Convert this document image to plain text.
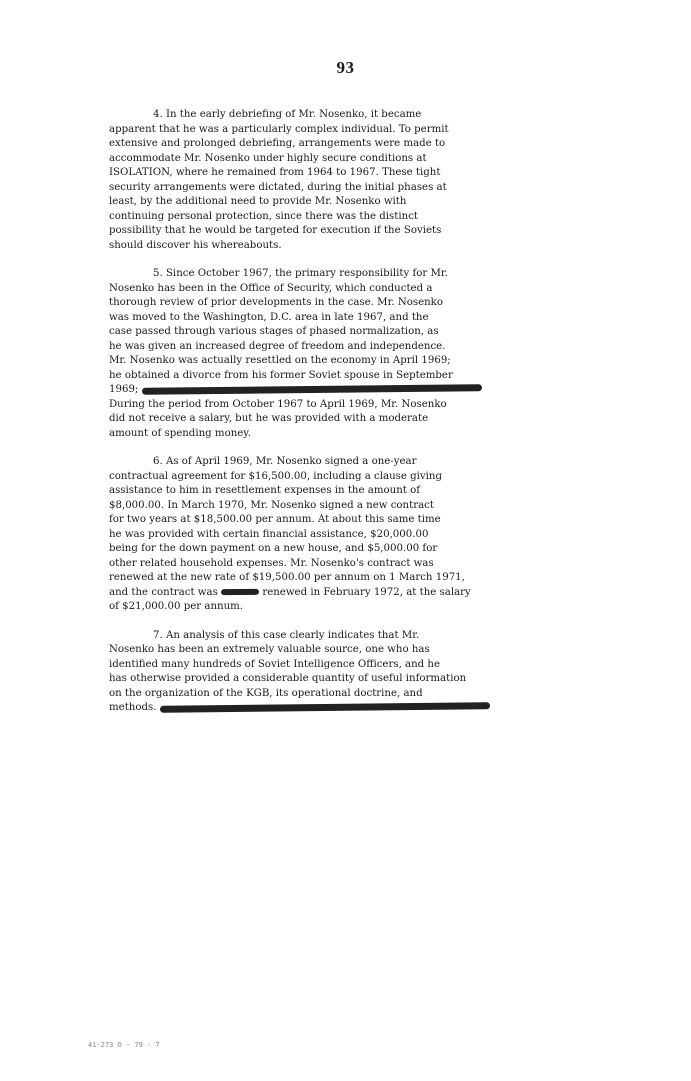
93
4. In the early debriefing of Mr. Nosenko, it became
apparent that he was a particularly complex individual. To permit
extensive and prolonged debriefing, arrangements were made to
accommodate Mr. Nosenko under highly secure conditions at
ISOLATION, where he remained from 1964 to 1967. These tight
security arrangements were dictated, during the initial phases at
least, by the additional need to provide Mr. Nosenko with
continuing personal protection, since there was the distinct
possibility that he would be targeted for execution if the Soviets
should discover his whereabouts.
5. Since October 1967, the primary responsibility for Mr.
Nosenko has been in the Office of Security, which conducted a
thorough review of prior developments in the case. Mr. Nosenko
was moved to the Washington, D.C. area in late 1967, and the
case passed through various stages of phased normalization, as
he was given an increased degree of freedom and independence.
Mr. Nosenko was actually resettled on the economy in April 1969;
he obtained a divorce from his former Soviet spouse in September
1969;
During the period from October 1967 to April 1969, Mr. Nosenko
did not receive a salary, but he was provided with a moderate
amount of spending money.
6. As of April 1969, Mr. Nosenko signed a one-year
contractual agreement for $16,500.00, including a clause giving
assistance to him in resettlement expenses in the amount of
$8,000.00. In March 1970, Mr. Nosenko signed a new contract
for two years at $18,500.00 per annum. At about this same time
he was provided with certain financial assistance, $20,000.00
being for the down payment on a new house, and $5,000.00 for
other related household expenses. Mr. Nosenko's contract was
renewed at the new rate of $19,500.00 per annum on 1 March 1971,
and the contract was	renewed in February 1972, at the salary
of $21,000.00 per annum.
7. An analysis of this case clearly indicates that Mr.
Nosenko has been an extremely valuable source, one who has
identified many hundreds of Soviet Intelligence Officers, and he
has otherwise provided a considerable quantity of useful information
on the organization of the KGB, its operational doctrine, and
methods.
41-273 O - 79 - 7
